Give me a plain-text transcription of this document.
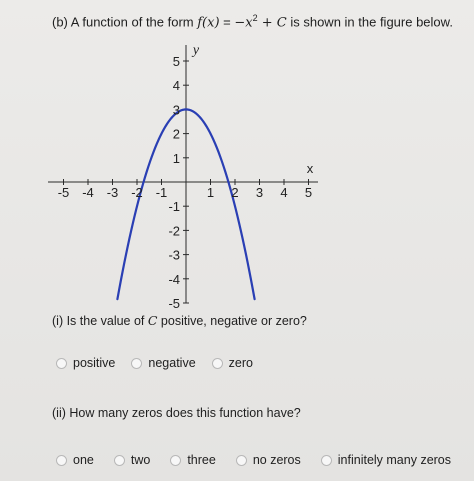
(b) A function of the form $f(x) = -x^2 + C$ is shown in the figure below.
-5 -4 -3 -2 -1	1 2 3 4 5
5
4
3
2
1
-1
-2
-3
-4
-5
x
y
(i) Is the value of C positive, negative or zero?
positive	negative	zero
(ii) How many zeros does this function have?
one	two	three	no zeros	infinitely many zeros
